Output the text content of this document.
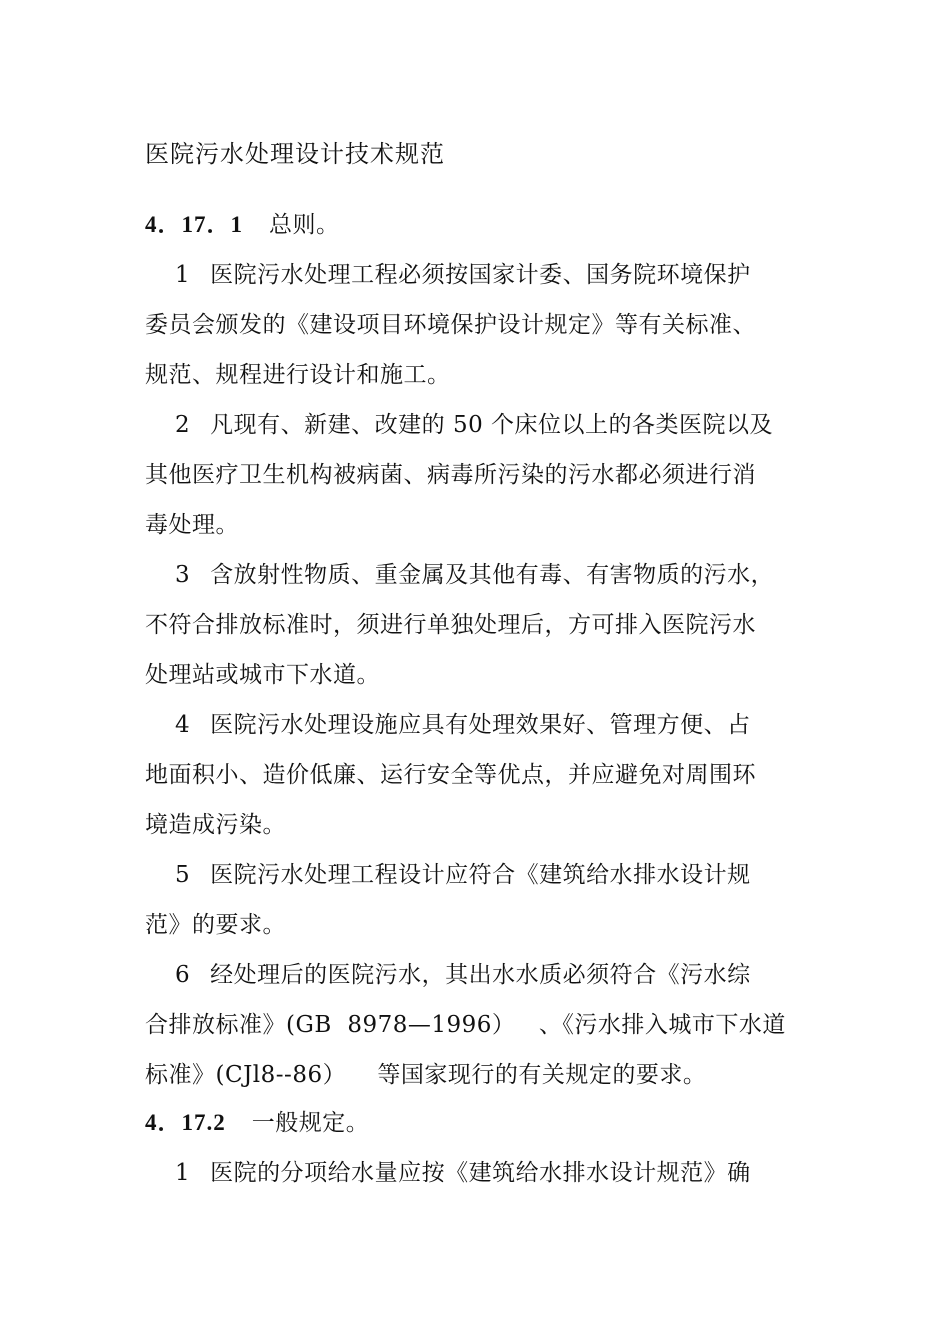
医院污水处理设计技术规范
4．17．1 总则。
1 医院污水处理工程必须按国家计委、国务院环境保护
委员会颁发的《建设项目环境保护设计规定》等有关标准、
规范、规程进行设计和施工。
2 凡现有、新建、改建的 50 个床位以上的各类医院以及
其他医疗卫生机构被病菌、病毒所污染的污水都必须进行消
毒处理。
3 含放射性物质、重金属及其他有毒、有害物质的污水，
不符合排放标准时，须进行单独处理后，方可排入医院污水
处理站或城市下水道。
4 医院污水处理设施应具有处理效果好、管理方便、占
地面积小、造价低廉、运行安全等优点，并应避免对周围环
境造成污染。
5 医院污水处理工程设计应符合《建筑给水排水设计规
范》的要求。
6 经处理后的医院污水，其出水水质必须符合《污水综
合排放标准》(GB  8978—1996）   、《污水排入城市下水道
标准》(CJl8--86）    等国家现行的有关规定的要求。
4．17.2 一般规定。
1 医院的分项给水量应按《建筑给水排水设计规范》确
